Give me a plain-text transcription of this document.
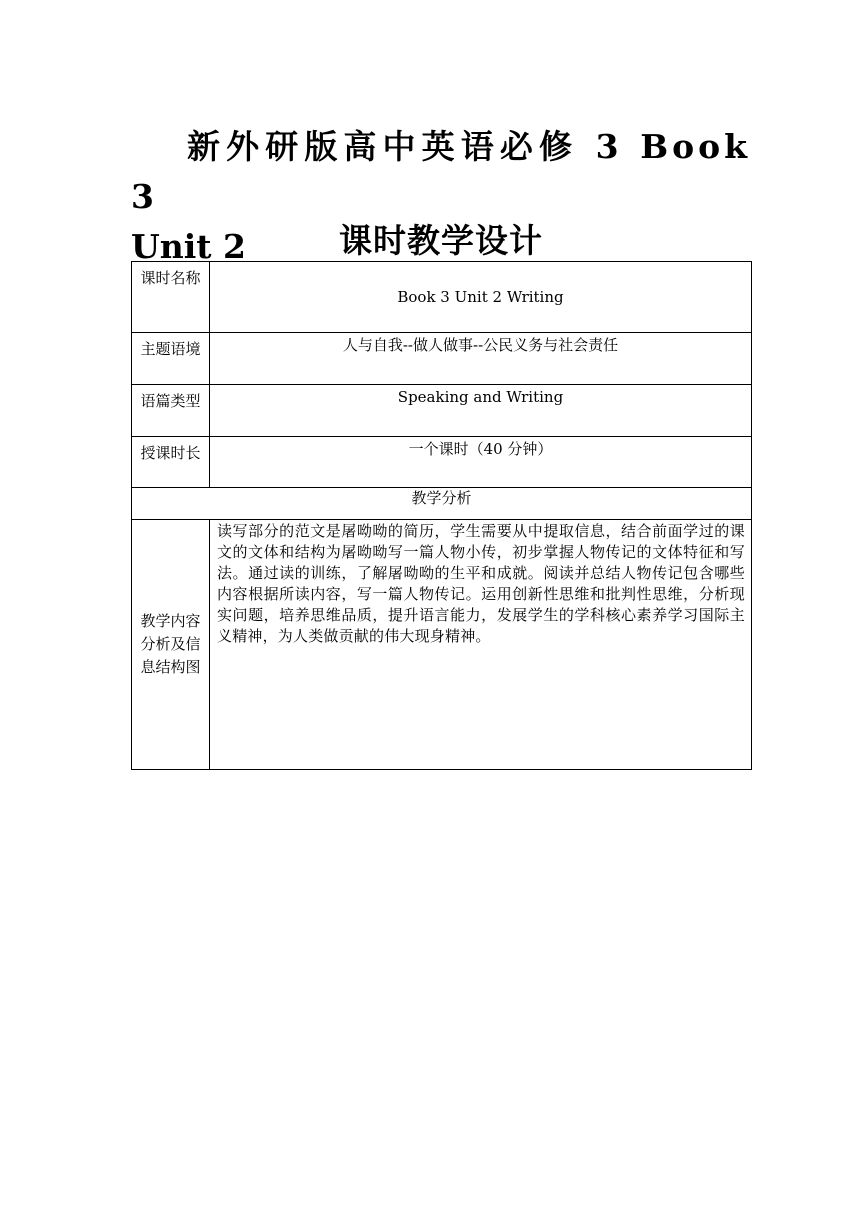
新外研版高中英语必修 3 Book 3

Unit 2	课时教学设计
课时名称	Book 3 Unit 2 Writing
主题语境	人与自我--做人做事--公民义务与社会责任
语篇类型	Speaking and Writing
授课时长	一个课时（40 分钟）
教学分析	
教学内容分析及信息结构图	读写部分的范文是屠呦呦的简历，学生需要从中提取信息，结合前面学过的课文的文体和结构为屠呦呦写一篇人物小传，初步掌握人物传记的文体特征和写法。通过读的训练，了解屠呦呦的生平和成就。阅读并总结人物传记包含哪些内容根据所读内容，写一篇人物传记。运用创新性思维和批判性思维，分析现实问题，培养思维品质，提升语言能力，发展学生的学科核心素养学习国际主义精神，为人类做贡献的伟大现身精神。
